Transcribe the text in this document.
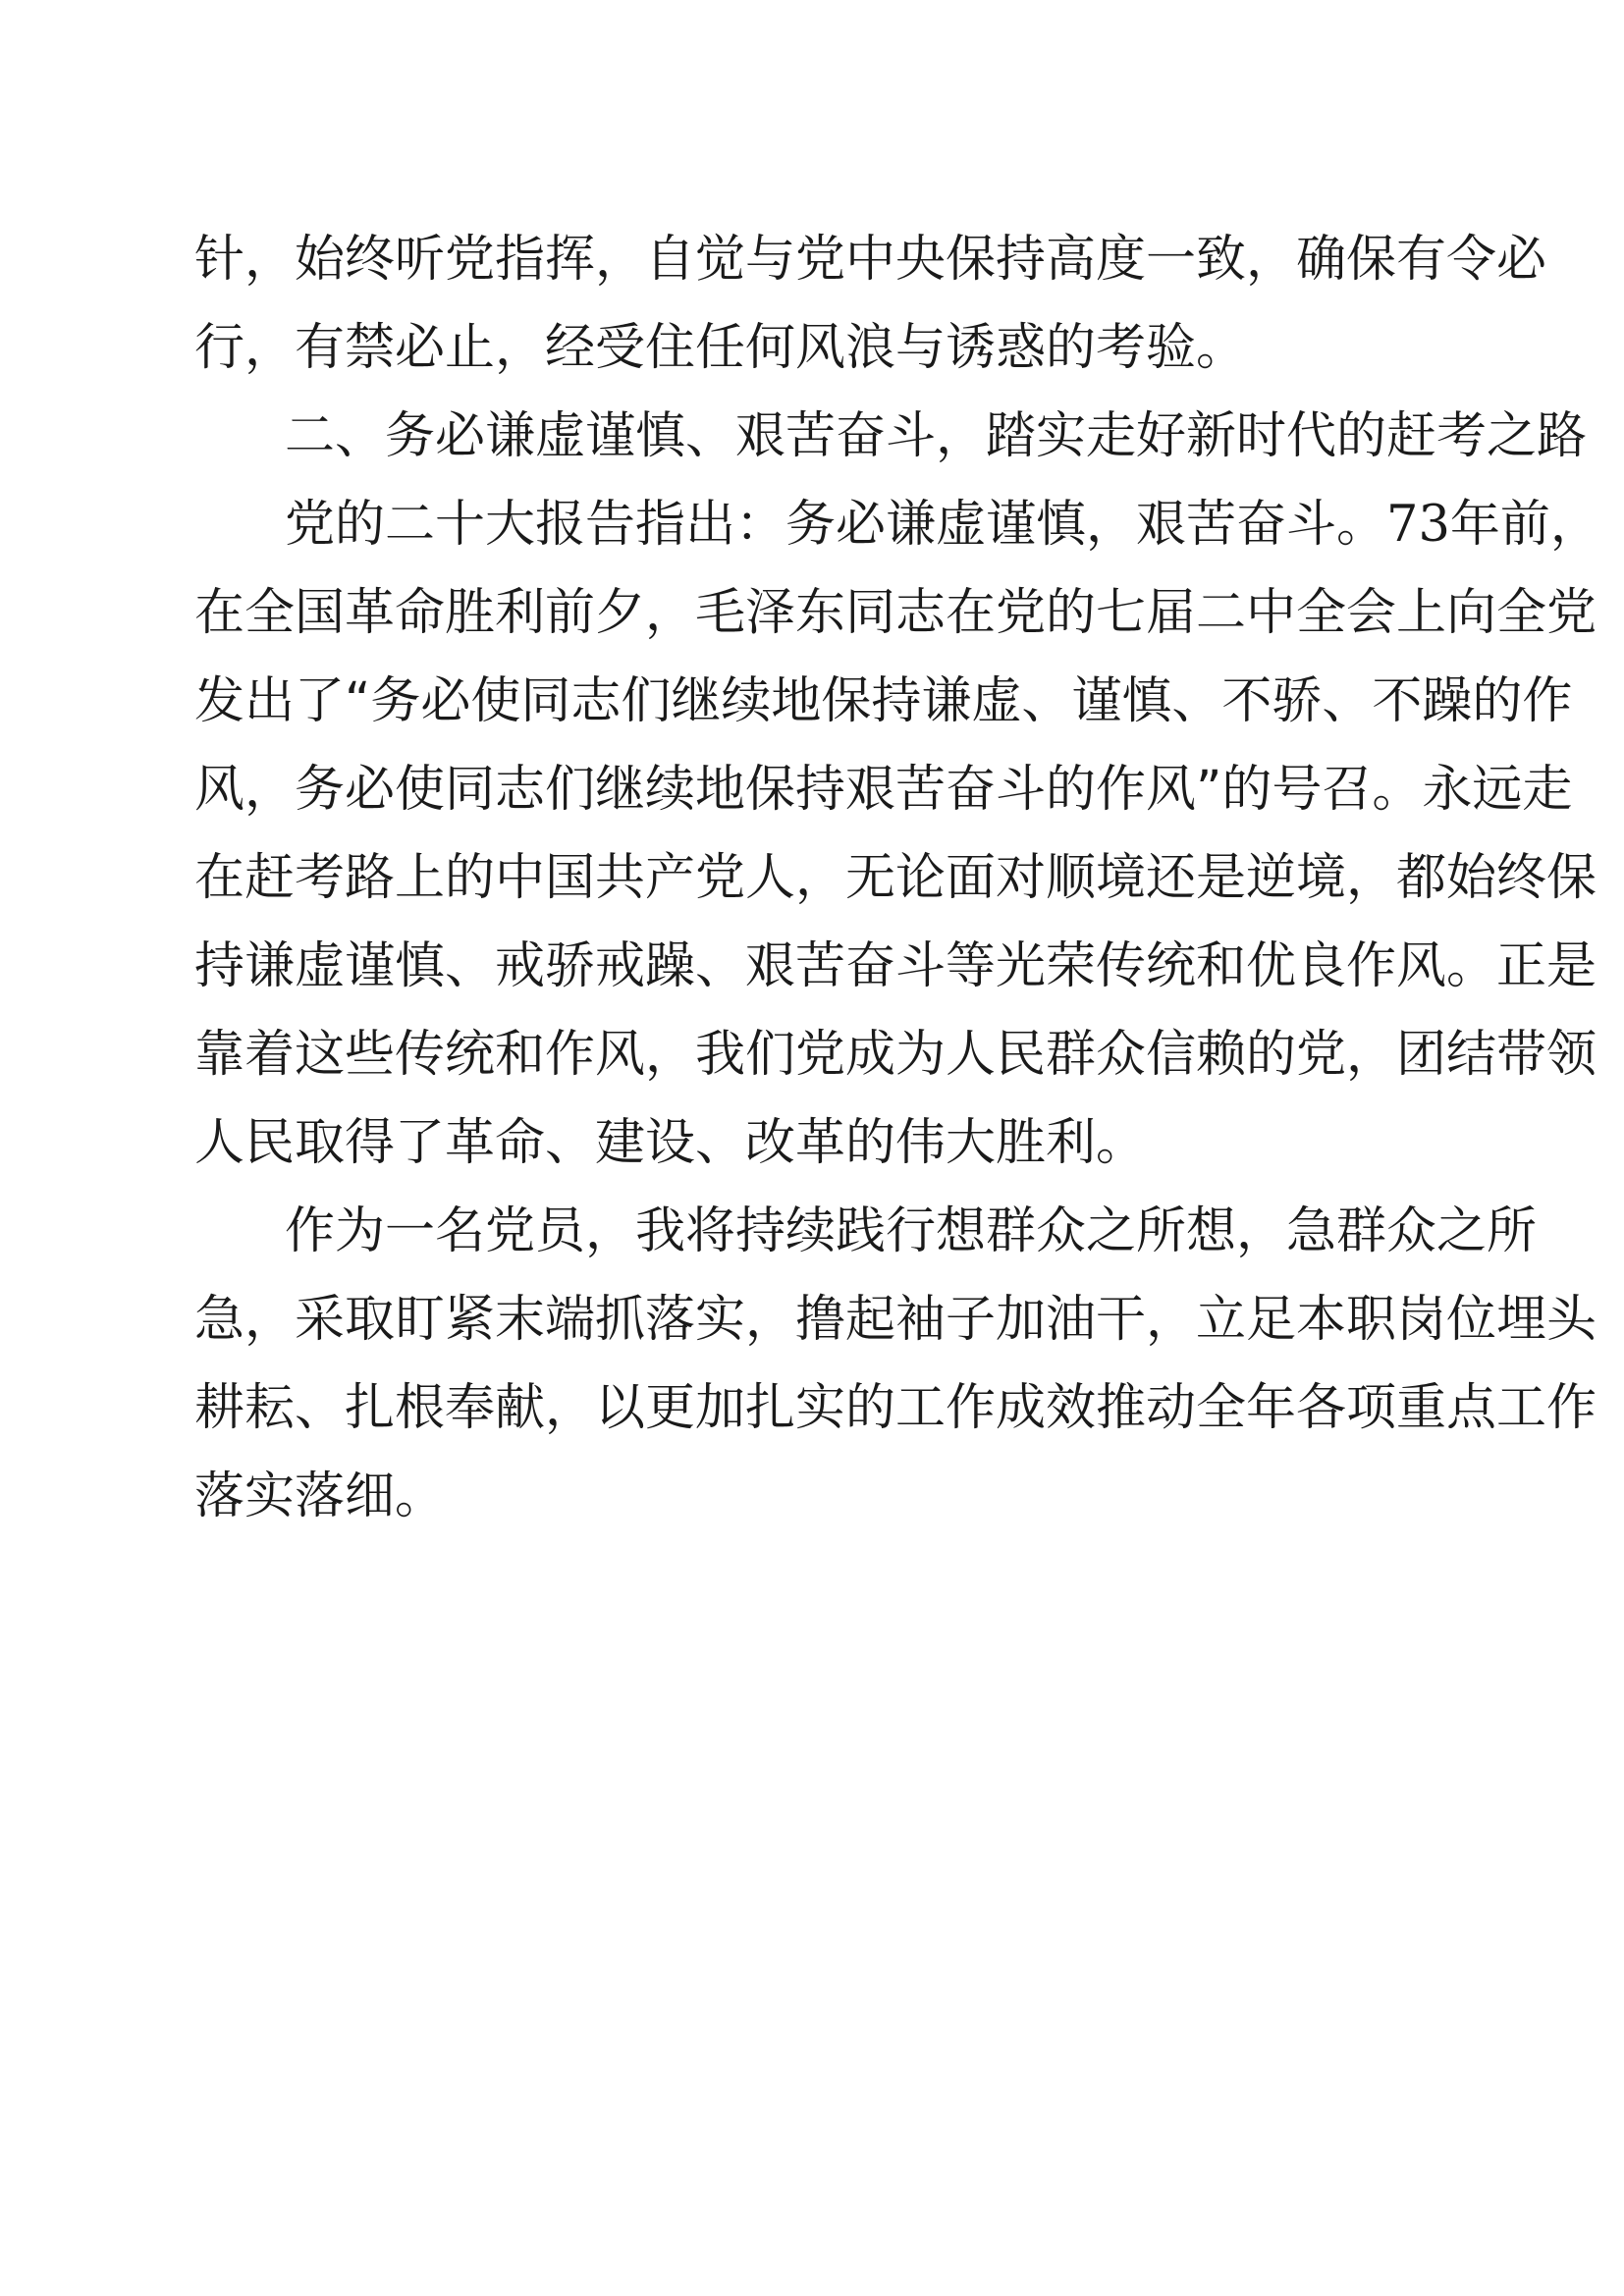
针，始终听党指挥，自觉与党中央保持高度一致，确保有令必
行，有禁必止，经受住任何风浪与诱惑的考验。
二、务必谦虚谨慎、艰苦奋斗，踏实走好新时代的赶考之路
党的二十大报告指出：务必谦虚谨慎，艰苦奋斗。73年前，
在全国革命胜利前夕，毛泽东同志在党的七届二中全会上向全党
发出了“务必使同志们继续地保持谦虚、谨慎、不骄、不躁的作
风，务必使同志们继续地保持艰苦奋斗的作风”的号召。永远走
在赶考路上的中国共产党人，无论面对顺境还是逆境，都始终保
持谦虚谨慎、戒骄戒躁、艰苦奋斗等光荣传统和优良作风。正是
靠着这些传统和作风，我们党成为人民群众信赖的党，团结带领
人民取得了革命、建设、改革的伟大胜利。
作为一名党员，我将持续践行想群众之所想，急群众之所
急，采取盯紧末端抓落实，撸起袖子加油干，立足本职岗位埋头
耕耘、扎根奉献，以更加扎实的工作成效推动全年各项重点工作
落实落细。
